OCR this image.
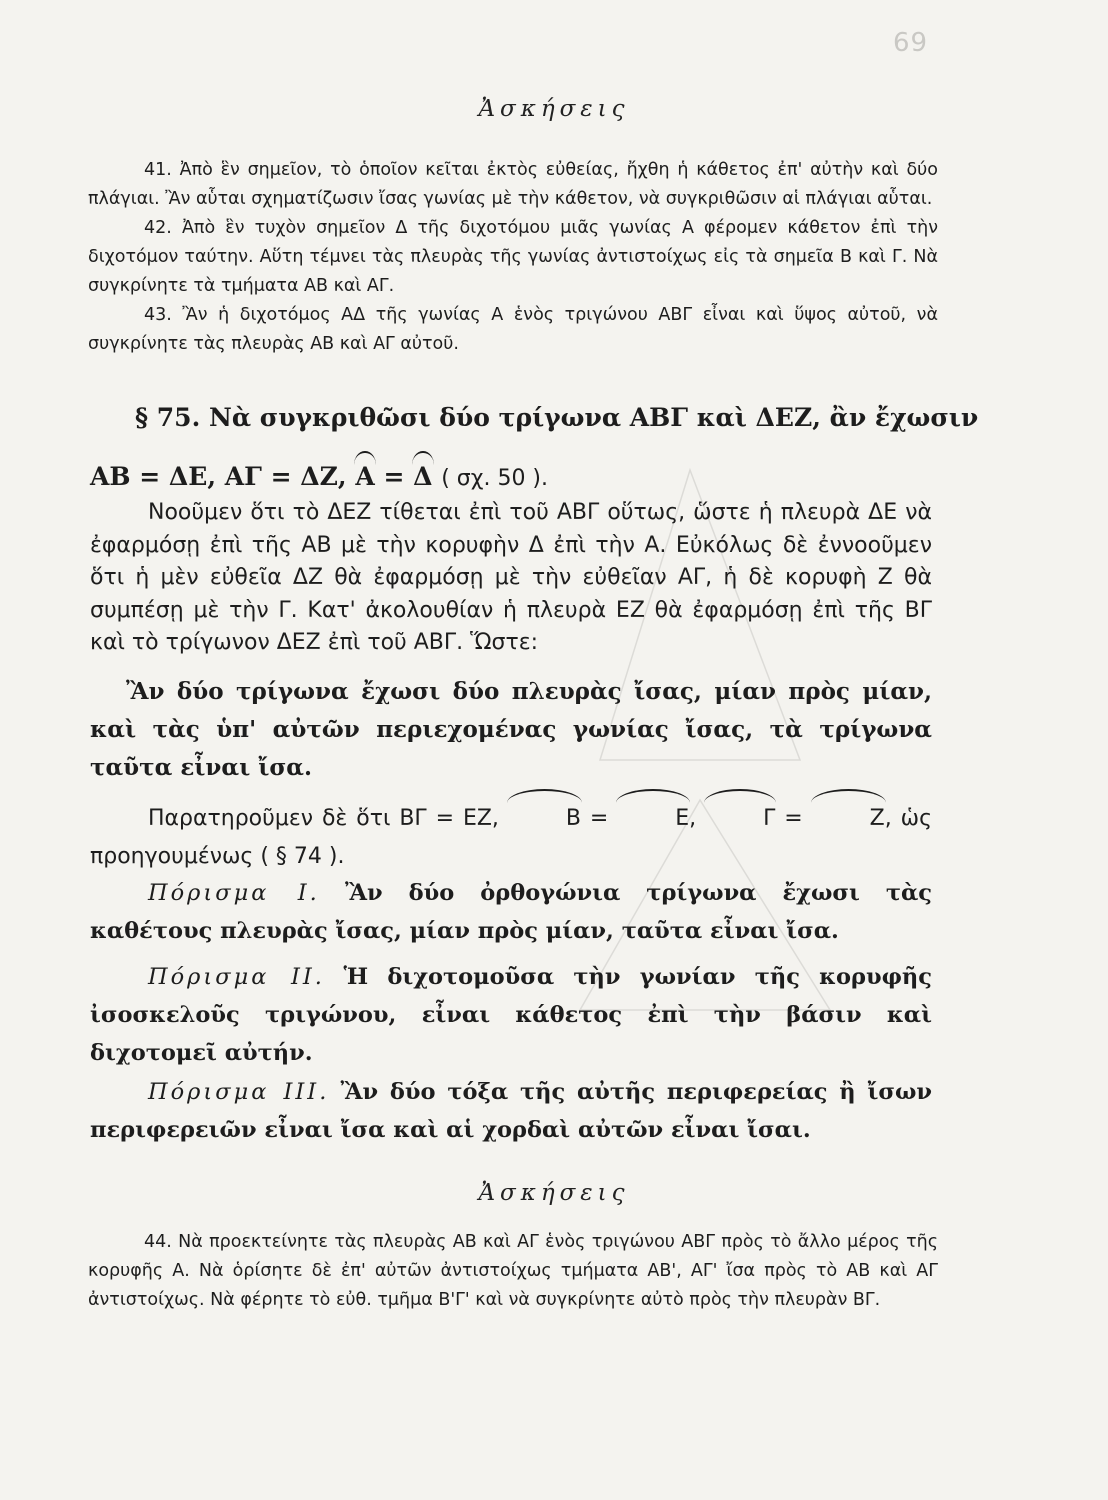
69
Ἀσκήσεις

41. Ἀπὸ ἓν σημεῖον, τὸ ὁποῖον κεῖται ἐκτὸς εὐθείας, ἤχθη ἡ κάθετος ἐπ' αὐτὴν καὶ δύο πλάγιαι. Ἂν αὗται σχηματίζωσιν ἴσας γωνίας μὲ τὴν κάθετον, νὰ συγκριθῶσιν αἱ πλάγιαι αὗται.

42. Ἀπὸ ἓν τυχὸν σημεῖον Δ τῆς διχοτόμου μιᾶς γωνίας Α φέρομεν κάθετον ἐπὶ τὴν διχοτόμον ταύτην. Αὕτη τέμνει τὰς πλευρὰς τῆς γωνίας ἀντιστοίχως εἰς τὰ σημεῖα Β καὶ Γ. Νὰ συγκρίνητε τὰ τμήματα ΑΒ καὶ ΑΓ.

43. Ἂν ἡ διχοτόμος ΑΔ τῆς γωνίας Α ἑνὸς τριγώνου ΑΒΓ εἶναι καὶ ὕψος αὐτοῦ, νὰ συγκρίνητε τὰς πλευρὰς ΑΒ καὶ ΑΓ αὐτοῦ.

§ 75. Νὰ συγκριθῶσι δύο τρίγωνα ΑΒΓ καὶ ΔΕΖ, ἂν ἔχωσιν
ΑΒ = ΔΕ, ΑΓ = ΔΖ, Α = Δ ( σχ. 50 ).

Νοοῦμεν ὅτι τὸ ΔΕΖ τίθεται ἐπὶ τοῦ ΑΒΓ οὕτως, ὥστε ἡ πλευρὰ ΔΕ νὰ ἐφαρμόσῃ ἐπὶ τῆς ΑΒ μὲ τὴν κορυφὴν Δ ἐπὶ τὴν Α. Εὐκόλως δὲ ἐννοοῦμεν ὅτι ἡ μὲν εὐθεῖα ΔΖ θὰ ἐφαρμόσῃ μὲ τὴν εὐθεῖαν ΑΓ, ἡ δὲ κορυφὴ Ζ θὰ συμπέσῃ μὲ τὴν Γ. Κατ' ἀκολουθίαν ἡ πλευρὰ ΕΖ θὰ ἐφαρμόσῃ ἐπὶ τῆς ΒΓ καὶ τὸ τρίγωνον ΔΕΖ ἐπὶ τοῦ ΑΒΓ. Ὥστε:

Ἂν δύο τρίγωνα ἔχωσι δύο πλευρὰς ἴσας, μίαν πρὸς μίαν, καὶ τὰς ὑπ' αὐτῶν περιεχομένας γωνίας ἴσας, τὰ τρίγωνα ταῦτα εἶναι ἴσα.

Παρατηροῦμεν δὲ ὅτι ΒΓ = ΕΖ,	Β =	Ε,	Γ =	Ζ, ὡς προηγουμένως ( § 74 ).

Πόρισμα Ι. Ἂν δύο ὀρθογώνια τρίγωνα ἔχωσι τὰς καθέτους πλευρὰς ἴσας, μίαν πρὸς μίαν, ταῦτα εἶναι ἴσα.

Πόρισμα ΙΙ. Ἡ διχοτομοῦσα τὴν γωνίαν τῆς κορυφῆς ἰσοσκελοῦς τριγώνου, εἶναι κάθετος ἐπὶ τὴν βάσιν καὶ διχοτομεῖ αὐτήν.

Πόρισμα ΙΙΙ. Ἂν δύο τόξα τῆς αὐτῆς περιφερείας ἢ ἴσων περιφερειῶν εἶναι ἴσα καὶ αἱ χορδαὶ αὐτῶν εἶναι ἴσαι.

Ἀσκήσεις

44. Νὰ προεκτείνητε τὰς πλευρὰς ΑΒ καὶ ΑΓ ἑνὸς τριγώνου ΑΒΓ πρὸς τὸ ἄλλο μέρος τῆς κορυφῆς Α. Νὰ ὁρίσητε δὲ ἐπ' αὐτῶν ἀντιστοίχως τμήματα ΑΒ', ΑΓ' ἴσα πρὸς τὸ ΑΒ καὶ ΑΓ ἀντιστοίχως. Νὰ φέρητε τὸ εὐθ. τμῆμα Β'Γ' καὶ νὰ συγκρίνητε αὐτὸ πρὸς τὴν πλευρὰν ΒΓ.
